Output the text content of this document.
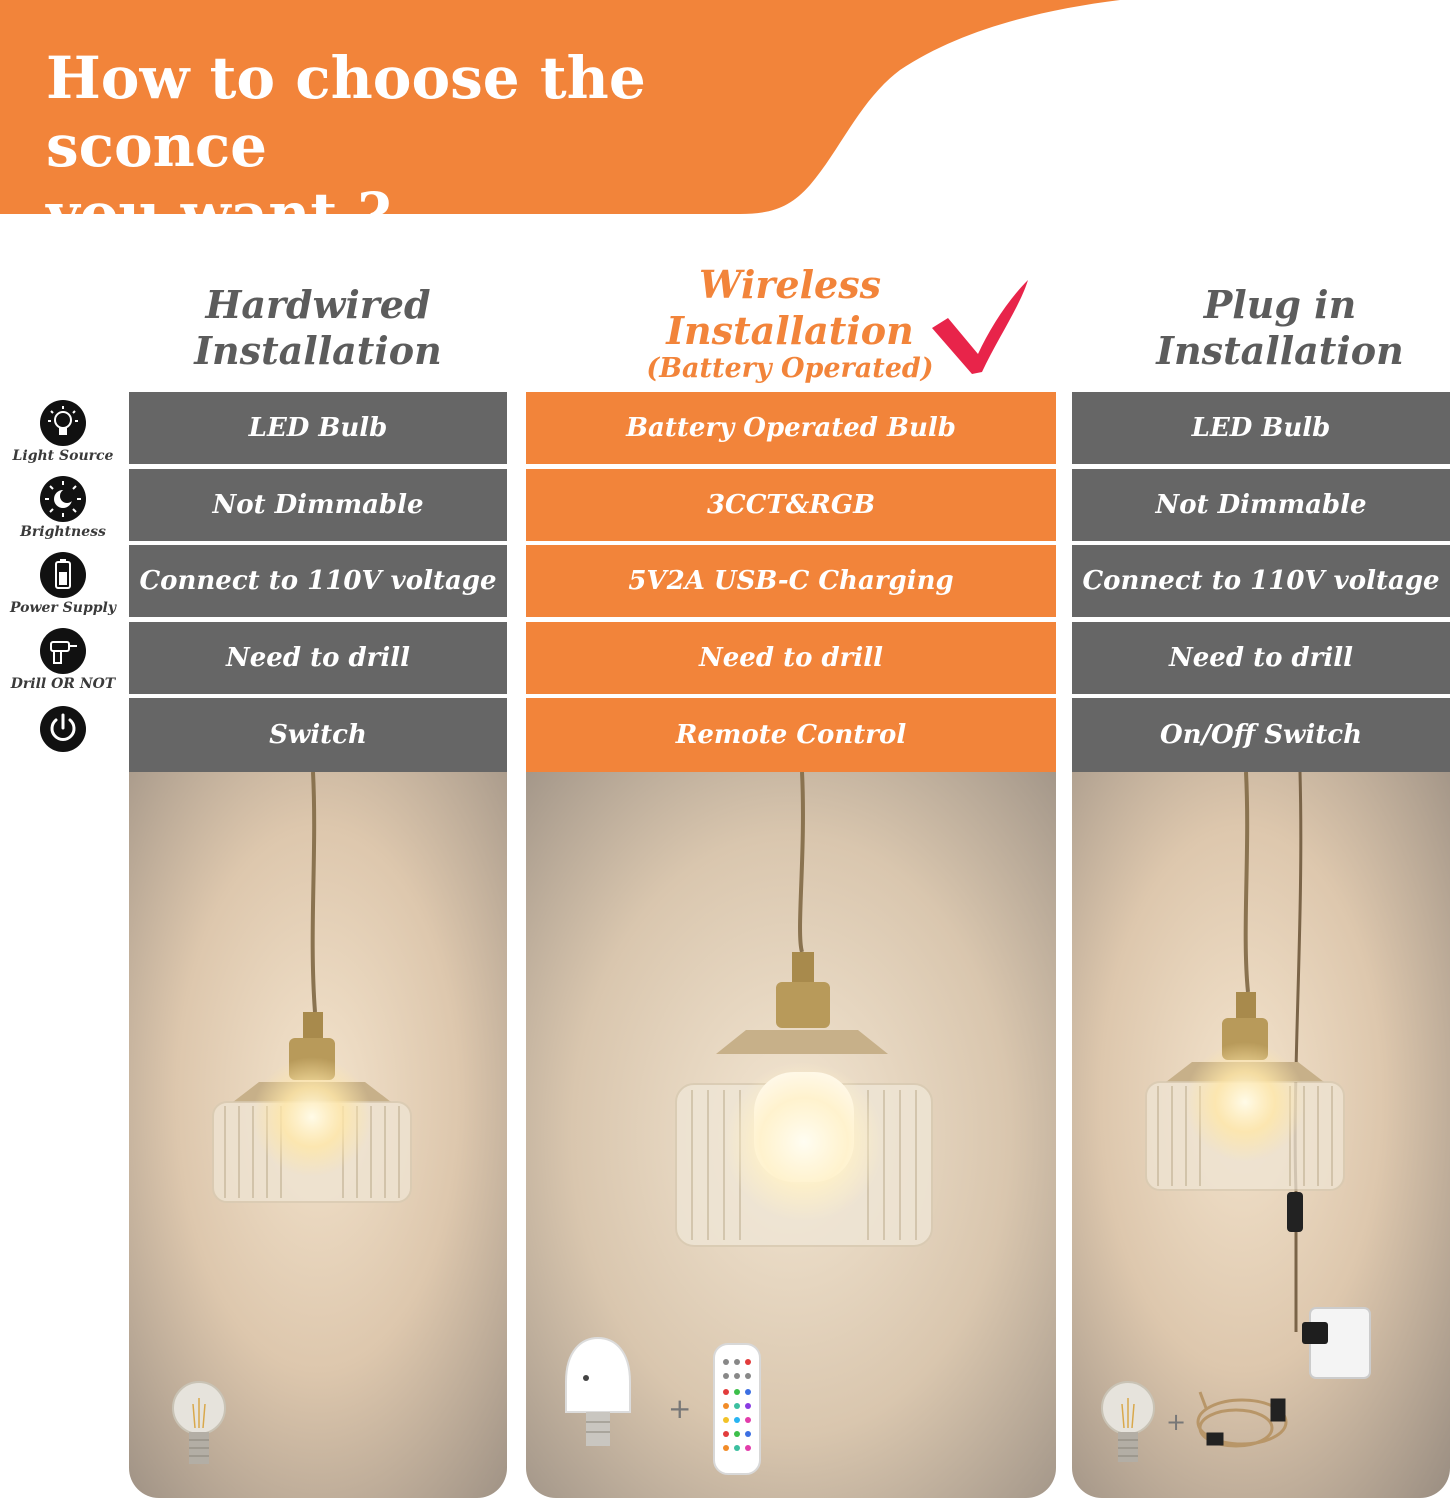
How to choose the sconce
you want ?
Hardwired
Installation
Wireless
Installation
(Battery Operated)
Plug in
Installation
Light Source
Brightness
Power Supply
Drill OR NOT
LED Bulb
Not Dimmable
Connect to 110V voltage
Need to drill
Switch
Battery Operated Bulb
3CCT&RGB
5V2A USB-C Charging
Need to drill
Remote Control
+
LED Bulb
Not Dimmable
Connect to 110V voltage
Need to drill
On/Off Switch
+
